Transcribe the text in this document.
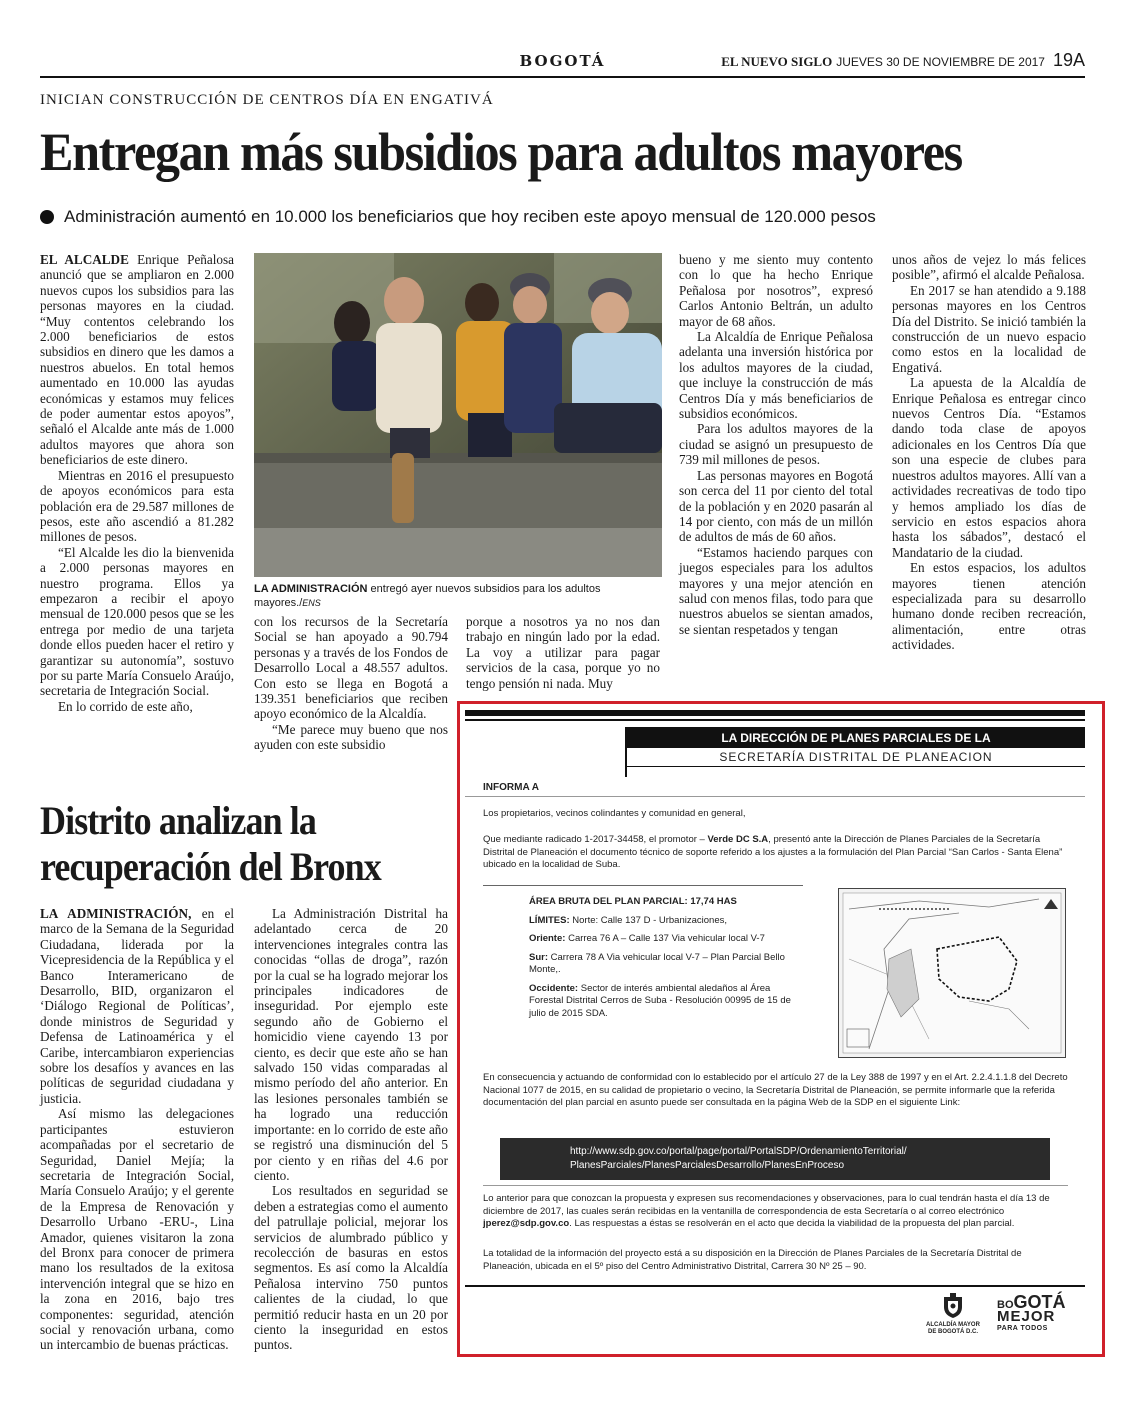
BOGOTÁ	EL NUEVO SIGLO JUEVES 30 DE NOVIEMBRE DE 2017 19A
INICIAN CONSTRUCCIÓN DE CENTROS DÍA EN ENGATIVÁ
Entregan más subsidios para adultos mayores
Administración aumentó en 10.000 los beneficiarios que hoy reciben este apoyo mensual de 120.000 pesos

EL ALCALDE Enrique Peñalosa anunció que se ampliaron en 2.000 nuevos cupos los subsidios para las personas mayores en la ciudad. “Muy contentos celebrando los 2.000 beneficiarios de estos subsidios en dinero que les damos a nuestros abuelos. En total hemos aumentado en 10.000 las ayudas económicas y estamos muy felices de poder aumentar estos apoyos”, señaló el Alcalde ante más de 1.000 adultos mayores que ahora son beneficiarios de este dinero.

Mientras en 2016 el presupuesto de apoyos económicos para esta población era de 29.587 millones de pesos, este año ascendió a 81.282 millones de pesos.

“El Alcalde les dio la bienvenida a 2.000 personas mayores en nuestro programa. Ellos ya empezaron a recibir el apoyo mensual de 120.000 pesos que se les entrega por medio de una tarjeta donde ellos pueden hacer el retiro y garantizar su autonomía”, sostuvo por su parte María Consuelo Araújo, secretaria de Integración Social.

En lo corrido de este año,

LA ADMINISTRACIÓN entregó ayer nuevos subsidios para los adultos mayores./ENS

con los recursos de la Secretaría Social se han apoyado a 90.794 personas y a través de los Fondos de Desarrollo Local a 48.557 adultos. Con esto se llega en Bogotá a 139.351 beneficiarios que reciben apoyo económico de la Alcaldía.

“Me parece muy bueno que nos ayuden con este subsidio

porque a nosotros ya no nos dan trabajo en ningún lado por la edad. La voy a utilizar para pagar servicios de la casa, porque yo no tengo pensión ni nada. Muy

bueno y me siento muy contento con lo que ha hecho Enrique Peñalosa por nosotros”, expresó Carlos Antonio Beltrán, un adulto mayor de 68 años.

La Alcaldía de Enrique Peñalosa adelanta una inversión histórica por los adultos mayores de la ciudad, que incluye la construcción de más Centros Día y más beneficiarios de subsidios económicos.

Para los adultos mayores de la ciudad se asignó un presupuesto de 739 mil millones de pesos.

Las personas mayores en Bogotá son cerca del 11 por ciento del total de la población y en 2020 pasarán al 14 por ciento, con más de un millón de adultos de más de 60 años.

“Estamos haciendo parques con juegos especiales para los adultos mayores y una mejor atención en salud con menos filas, todo para que nuestros abuelos se sientan amados, se sientan respetados y tengan

unos años de vejez lo más felices posible”, afirmó el alcalde Peñalosa.

En 2017 se han atendido a 9.188 personas mayores en los Centros Día del Distrito. Se inició también la construcción de un nuevo espacio como estos en la localidad de Engativá.

La apuesta de la Alcaldía de Enrique Peñalosa es entregar cinco nuevos Centros Día. “Estamos dando toda clase de apoyos adicionales en los Centros Día que son una especie de clubes para nuestros adultos mayores. Allí van a actividades recreativas de todo tipo y hemos ampliado los días de servicio en estos espacios ahora hasta los sábados”, destacó el Mandatario de la ciudad.

En estos espacios, los adultos mayores tienen atención especializada para su desarrollo humano donde reciben recreación, alimentación, entre otras actividades.

Distrito analizan la
recuperación del Bronx

LA ADMINISTRACIÓN, en el marco de la Semana de la Seguridad Ciudadana, liderada por la Vicepresidencia de la República y el Banco Interamericano de Desarrollo, BID, organizaron el ‘Diálogo Regional de Políticas’, donde ministros de Seguridad y Defensa de Latinoamérica y el Caribe, intercambiaron experiencias sobre los desafíos y avances en las políticas de seguridad ciudadana y justicia.

Así mismo las delegaciones participantes estuvieron acompañadas por el secretario de Seguridad, Daniel Mejía; la secretaria de Integración Social, María Consuelo Araújo; y el gerente de la Empresa de Renovación y Desarrollo Urbano -ERU-, Lina Amador, quienes visitaron la zona del Bronx para conocer de primera mano los resultados de la exitosa intervención integral que se hizo en la zona en 2016, bajo tres componentes: seguridad, atención social y renovación urbana, como un intercambio de buenas prácticas.

La Administración Distrital ha adelantado cerca de 20 intervenciones integrales contra las conocidas “ollas de droga”, razón por la cual se ha logrado mejorar los principales indicadores de inseguridad. Por ejemplo este segundo año de Gobierno el homicidio viene cayendo 13 por ciento, es decir que este año se han salvado 150 vidas comparadas al mismo período del año anterior. En las lesiones personales también se ha logrado una reducción importante: en lo corrido de este año se registró una disminución del 5 por ciento y en riñas del 4.6 por ciento.

Los resultados en seguridad se deben a estrategias como el aumento del patrullaje policial, mejorar los servicios de alumbrado público y recolección de basuras en estos segmentos. Es así como la Alcaldía Peñalosa intervino 750 puntos calientes de la ciudad, lo que permitió reducir hasta en un 20 por ciento la inseguridad en estos puntos.

LA DIRECCIÓN DE PLANES PARCIALES DE LA
SECRETARÍA DISTRITAL DE PLANEACION
INFORMA A
Los propietarios, vecinos colindantes y comunidad en general,
Que mediante radicado 1-2017-34458, el promotor – Verde DC S.A, presentó ante la Dirección de Planes Parciales de la Secretaría Distrital de Planeación el documento técnico de soporte referido a los ajustes a la formulación del Plan Parcial “San Carlos - Santa Elena” ubicado en la localidad de Suba.
ÁREA BRUTA DEL PLAN PARCIAL: 17,74 HAS
LÍMITES: Norte: Calle 137 D - Urbanizaciones,
Oriente: Carrea 76 A – Calle 137 Via vehicular local V-7
Sur: Carrera 78 A Via vehicular local V-7 – Plan Parcial Bello Monte,.
Occidente: Sector de interés ambiental aledaños al Área Forestal Distrital Cerros de Suba - Resolución 00995 de 15 de julio de 2015 SDA.
En consecuencia y actuando de conformidad con lo establecido por el artículo 27 de la Ley 388 de 1997 y en el Art. 2.2.4.1.1.8 del Decreto Nacional 1077 de 2015, en su calidad de propietario o vecino, la Secretaría Distrital de Planeación, se permite informarle que la referida documentación del plan parcial en asunto puede ser consultada en la página Web de la SDP en el siguiente Link:
http://www.sdp.gov.co/portal/page/portal/PortalSDP/OrdenamientoTerritorial/
PlanesParciales/PlanesParcialesDesarrollo/PlanesEnProceso
Lo anterior para que conozcan la propuesta y expresen sus recomendaciones y observaciones, para lo cual tendrán hasta el día 13 de diciembre de 2017, las cuales serán recibidas en la ventanilla de correspondencia de esta Secretaría o al correo electrónico jperez@sdp.gov.co. Las respuestas a éstas se resolverán en el acto que decida la viabilidad de la propuesta del plan parcial.
La totalidad de la información del proyecto está a su disposición en la Dirección de Planes Parciales de la Secretaría Distrital de Planeación, ubicada en el 5º piso del Centro Administrativo Distrital, Carrera 30 Nº 25 – 90.
ALCALDÍA MAYOR
DE BOGOTÁ D.C.
BOGOTÁ
MEJOR
PARA TODOS
